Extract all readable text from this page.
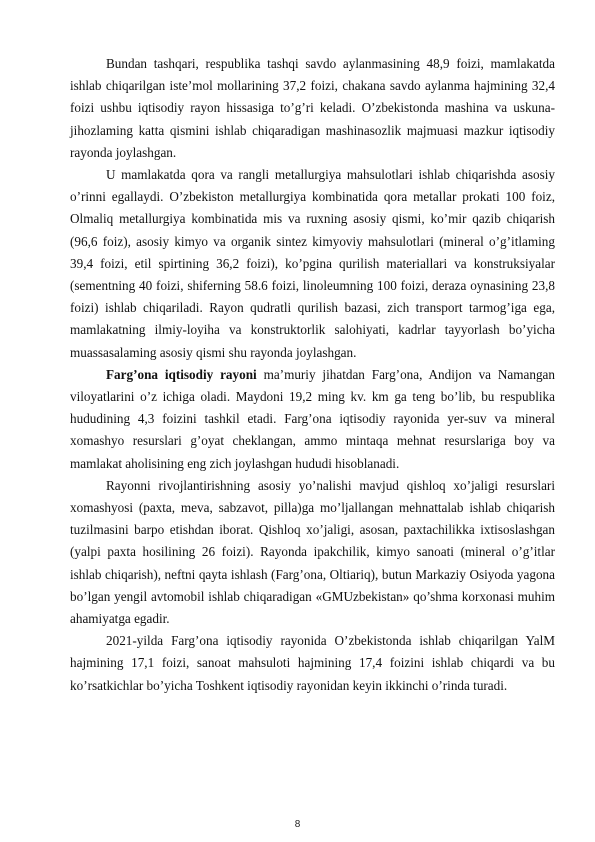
Bundan tashqari, respublika tashqi savdo aylanmasining 48,9 foizi, mamlakatda ishlab chiqarilgan iste’mol mollarining 37,2 foizi, chakana savdo aylanma hajmining 32,4 foizi ushbu iqtisodiy rayon hissasiga to’g’ri keladi. O’zbekistonda mashina va uskuna-jihozlaming katta qismini ishlab chiqaradigan mashinasozlik majmuasi mazkur iqtisodiy rayonda joylashgan.

U mamlakatda qora va rangli metallurgiya mahsulotlari ishlab chiqarishda asosiy o’rinni egallaydi. O’zbekiston metallurgiya kombinatida qora metallar prokati 100 foiz, Olmaliq metallurgiya kombinatida mis va ruxning asosiy qismi, ko’mir qazib chiqarish (96,6 foiz), asosiy kimyo va organik sintez kimyoviy mahsulotlari (mineral o’g’itlaming 39,4 foizi, etil spirtining 36,2 foizi), ko’pgina qurilish materiallari va konstruksiyalar (sementning 40 foizi, shiferning 58.6 foizi, linoleumning 100 foizi, deraza oynasining 23,8 foizi) ishlab chiqariladi. Rayon qudratli qurilish bazasi, zich transport tarmog’iga ega, mamlakatning ilmiy-loyiha va konstruktorlik salohiyati, kadrlar tayyorlash bo’yicha muassasalaming asosiy qismi shu rayonda joylashgan.

Farg’ona iqtisodiy rayoni ma’muriy jihatdan Farg’ona, Andijon va Namangan viloyatlarini o’z ichiga oladi. Maydoni 19,2 ming kv. km ga teng bo’lib, bu respublika hududining 4,3 foizini tashkil etadi. Farg’ona iqtisodiy rayonida yer-suv va mineral xomashyo resurslari g’oyat cheklangan, ammo mintaqa mehnat resurslariga boy va mamlakat aholisining eng zich joylashgan hududi hisoblanadi.

Rayonni rivojlantirishning asosiy yo’nalishi mavjud qishloq xo’jaligi resurslari xomashyosi (paxta, meva, sabzavot, pilla)ga mo’ljallangan mehnattalab ishlab chiqarish tuzilmasini barpo etishdan iborat. Qishloq xo’jaligi, asosan, paxtachilikka ixtisoslashgan (yalpi paxta hosilining 26 foizi). Rayonda ipakchilik, kimyo sanoati (mineral o’g’itlar ishlab chiqarish), neftni qayta ishlash (Farg’ona, Oltiariq), butun Markaziy Osiyoda yagona bo’lgan yengil avtomobil ishlab chiqaradigan «GMUzbekistan» qo’shma korxonasi muhim ahamiyatga egadir.

2021-yilda Farg’ona iqtisodiy rayonida O’zbekistonda ishlab chiqarilgan YalM hajmining 17,1 foizi, sanoat mahsuloti hajmining 17,4 foizini ishlab chiqardi va bu ko’rsatkichlar bo’yicha Toshkent iqtisodiy rayonidan keyin ikkinchi o’rinda turadi.

8
